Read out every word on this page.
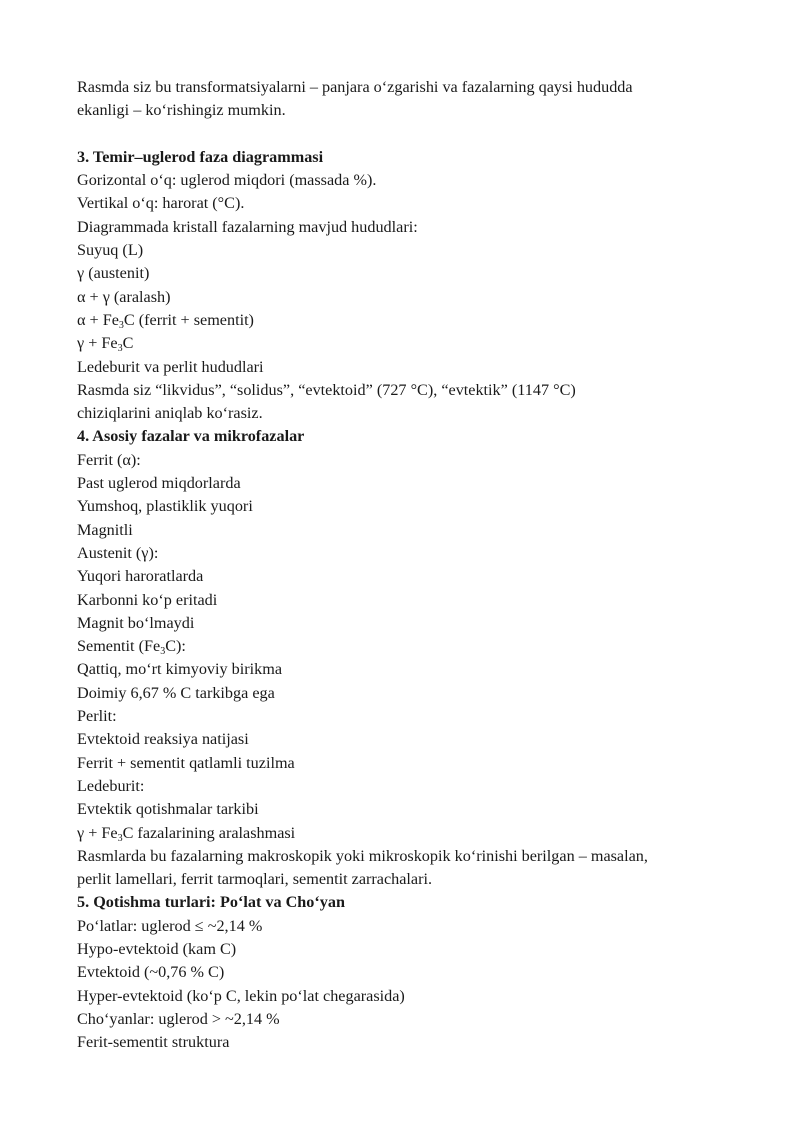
Rasmda siz bu transformatsiyalarni – panjara o‘zgarishi va fazalarning qaysi hududda
ekanligi – ko‘rishingiz mumkin.
3. Temir–uglerod faza diagrammasi
Gorizontal o‘q: uglerod miqdori (massada %).
Vertikal o‘q: harorat (°C).
Diagrammada kristall fazalarning mavjud hududlari:
Suyuq (L)
γ (austenit)
α + γ (aralash)
$\alpha + Fe_3C$ (ferrit + sementit)
$\gamma + Fe_3C$
Ledeburit va perlit hududlari
Rasmda siz “likvidus”, “solidus”, “evtektoid” (727 °C), “evtektik” (1147 °C)
chiziqlarini aniqlab ko‘rasiz.
4. Asosiy fazalar va mikrofazalar
Ferrit (α):
Past uglerod miqdorlarda
Yumshoq, plastiklik yuqori
Magnitli
Austenit (γ):
Yuqori haroratlarda
Karbonni ko‘p eritadi
Magnit bo‘lmaydi
Sementit $(Fe_3C)$:
Qattiq, mo‘rt kimyoviy birikma
Doimiy 6,67 % C tarkibga ega
Perlit:
Evtektoid reaksiya natijasi
Ferrit + sementit qatlamli tuzilma
Ledeburit:
Evtektik qotishmalar tarkibi
$\gamma + Fe_3C$ fazalarining aralashmasi
Rasmlarda bu fazalarning makroskopik yoki mikroskopik ko‘rinishi berilgan – masalan,
perlit lamellari, ferrit tarmoqlari, sementit zarrachalari.
5. Qotishma turlari: Po‘lat va Cho‘yan
Po‘latlar: uglerod ≤ ~2,14 %
Hypo-evtektoid (kam C)
Evtektoid (~0,76 % C)
Hyper-evtektoid (ko‘p C, lekin po‘lat chegarasida)
Cho‘yanlar: uglerod > ~2,14 %
Ferit-sementit struktura
